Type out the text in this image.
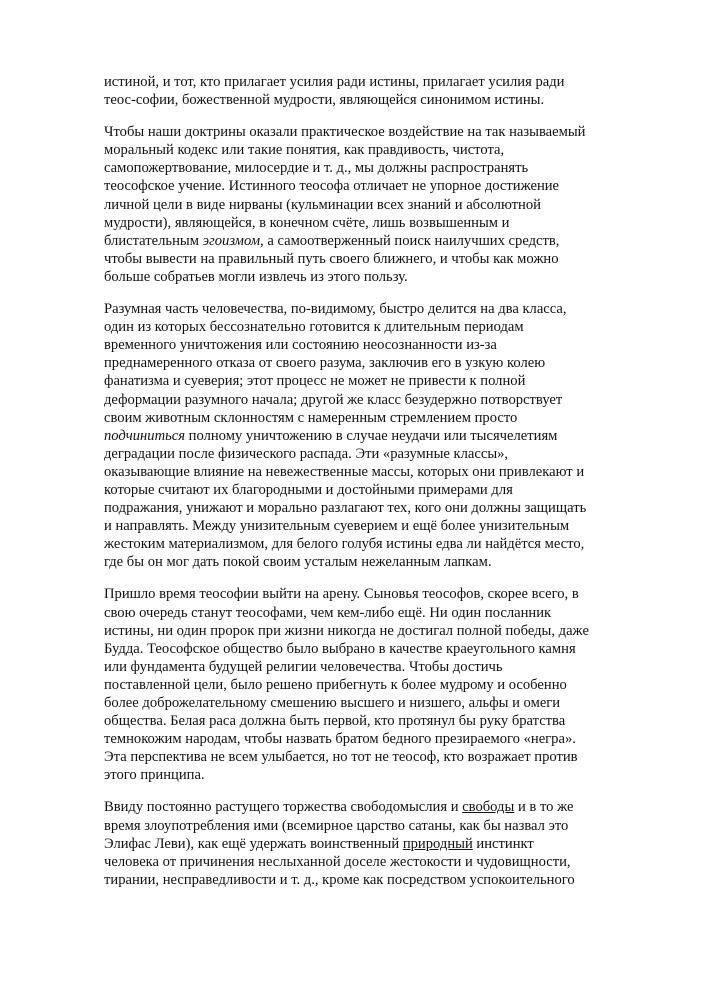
истиной, и тот, кто прилагает усилия ради истины, прилагает усилия ради
теос-софии, божественной мудрости, являющейся синонимом истины.

Чтобы наши доктрины оказали практическое воздействие на так называемый
моральный кодекс или такие понятия, как правдивость, чистота,
самопожертвование, милосердие и т. д., мы должны распространять
теософское учение. Истинного теософа отличает не упорное достижение
личной цели в виде нирваны (кульминации всех знаний и абсолютной
мудрости), являющейся, в конечном счёте, лишь возвышенным и
блистательным эгоизмом, а самоотверженный поиск наилучших средств,
чтобы вывести на правильный путь своего ближнего, и чтобы как можно
больше собратьев могли извлечь из этого пользу.

Разумная часть человечества, по-видимому, быстро делится на два класса,
один из которых бессознательно готовится к длительным периодам
временного уничтожения или состоянию неосознанности из-за
преднамеренного отказа от своего разума, заключив его в узкую колею
фанатизма и суеверия; этот процесс не может не привести к полной
деформации разумного начала; другой же класс безудержно потворствует
своим животным склонностям с намеренным стремлением просто
подчиниться полному уничтожению в случае неудачи или тысячелетиям
деградации после физического распада. Эти «разумные классы»,
оказывающие влияние на невежественные массы, которых они привлекают и
которые считают их благородными и достойными примерами для
подражания, унижают и морально разлагают тех, кого они должны защищать
и направлять. Между унизительным суеверием и ещё более унизительным
жестоким материализмом, для белого голубя истины едва ли найдётся место,
где бы он мог дать покой своим усталым нежеланным лапкам.

Пришло время теософии выйти на арену. Сыновья теософов, скорее всего, в
свою очередь станут теософами, чем кем-либо ещё. Ни один посланник
истины, ни один пророк при жизни никогда не достигал полной победы, даже
Будда. Теософское общество было выбрано в качестве краеугольного камня
или фундамента будущей религии человечества. Чтобы достичь
поставленной цели, было решено прибегнуть к более мудрому и особенно
более доброжелательному смешению высшего и низшего, альфы и омеги
общества. Белая раса должна быть первой, кто протянул бы руку братства
темнокожим народам, чтобы назвать братом бедного презираемого «негра».
Эта перспектива не всем улыбается, но тот не теософ, кто возражает против
этого принципа.

Ввиду постоянно растущего торжества свободомыслия и свободы и в то же
время злоупотребления ими (всемирное царство сатаны, как бы назвал это
Элифас Леви), как ещё удержать воинственный природный инстинкт
человека от причинения неслыханной доселе жестокости и чудовищности,
тирании, несправедливости и т. д., кроме как посредством успокоительного
